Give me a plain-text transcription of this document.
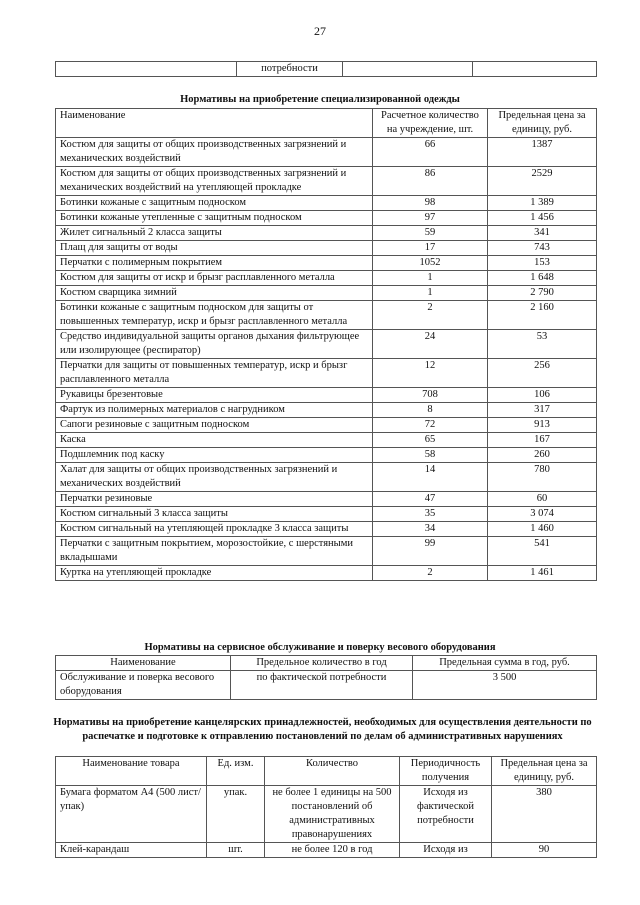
27
	потребности		
Нормативы на приобретение специализированной одежды
Наименование	Расчетное количество на учреждение, шт.	Предельная цена за единицу, руб.
Костюм для защиты от общих производственных загрязнений и механических воздействий	66	1387
Костюм для защиты от общих производственных загрязнений и механических воздействий на утепляющей прокладке	86	2529
Ботинки кожаные с защитным подноском	98	1 389
Ботинки кожаные утепленные с защитным подноском	97	1 456
Жилет сигнальный 2 класса защиты	59	341
Плащ для защиты от воды	17	743
Перчатки с полимерным покрытием	1052	153
Костюм для защиты от искр и брызг расплавленного металла	1	1 648
Костюм сварщика зимний	1	2 790
Ботинки кожаные с защитным подноском для защиты от повышенных температур, искр и брызг расплавленного металла	2	2 160
Средство индивидуальной защиты органов дыхания фильтрующее или изолирующее (респиратор)	24	53
Перчатки для защиты от повышенных температур, искр и брызг расплавленного металла	12	256
Рукавицы брезентовые	708	106
Фартук из полимерных материалов с нагрудником	8	317
Сапоги резиновые с защитным подноском	72	913
Каска	65	167
Подшлемник под каску	58	260
Халат для защиты от общих производственных загрязнений и механических воздействий	14	780
Перчатки резиновые	47	60
Костюм сигнальный 3 класса защиты	35	3 074
Костюм сигнальный на утепляющей прокладке 3 класса защиты	34	1 460
Перчатки с защитным покрытием, морозостойкие, с шерстяными вкладышами	99	541
Куртка на утепляющей прокладке	2	1 461
Нормативы на сервисное обслуживание и поверку весового оборудования
Наименование	Предельное количество в год	Предельная сумма в год, руб.
Обслуживание и поверка весового оборудования	по фактической потребности	3 500
Нормативы на приобретение канцелярских принадлежностей, необходимых для осуществления деятельности по распечатке и подготовке к отправлению постановлений по делам об административных нарушениях
Наименование товара	Ед. изм.	Количество	Периодичность получения	Предельная цена за единицу, руб.
Бумага форматом А4 (500 лист/упак)	упак.	не более 1 единицы на 500 постановлений об административных правонарушениях	Исходя из фактической потребности	380
Клей-карандаш	шт.	не более 120 в год	Исходя из	90
